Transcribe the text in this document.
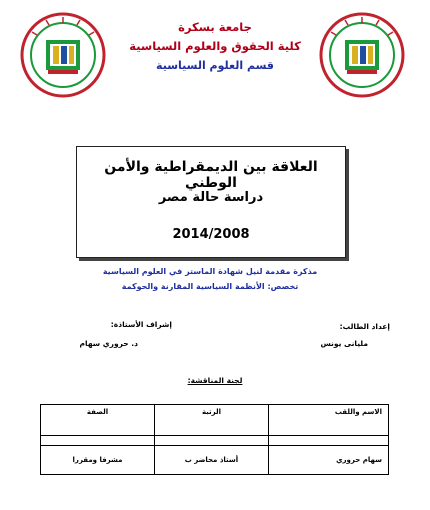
جامعة بسكرة
كلية الحقوق والعلوم السياسية
قسم العلوم السياسية
العلاقة بين الديمقراطية والأمن الوطني
دراسة حالة مصر
2014/2008
مذكرة مقدمة لنيل شهادة الماستر في العلوم السياسية
تخصص: الأنظمة السياسية المقارنة والحوكمة
إعداد الطالب:
مليانى يونس
إشراف الأستاذة:
د. حروري سهام
لجنة المناقشة:
الاسم واللقب	الرتبة	الصفة

سهام حروري	أستاذ محاضر ب	مشرفا ومقررا
